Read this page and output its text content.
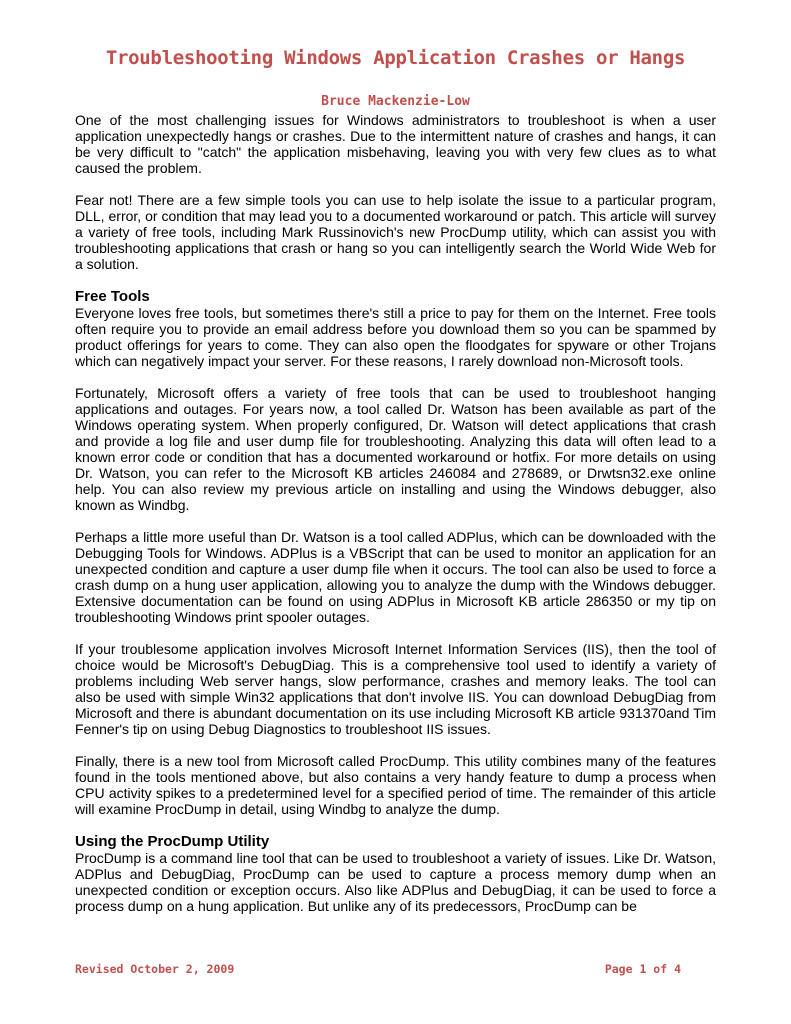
Troubleshooting Windows Application Crashes or Hangs
Bruce Mackenzie-Low

One of the most challenging issues for Windows administrators to troubleshoot is when a user application unexpectedly hangs or crashes. Due to the intermittent nature of crashes and hangs, it can be very difficult to "catch" the application misbehaving, leaving you with very few clues as to what caused the problem.

Fear not! There are a few simple tools you can use to help isolate the issue to a particular program, DLL, error, or condition that may lead you to a documented workaround or patch. This article will survey a variety of free tools, including Mark Russinovich's new ProcDump utility, which can assist you with troubleshooting applications that crash or hang so you can intelligently search the World Wide Web for a solution.

Free Tools

Everyone loves free tools, but sometimes there's still a price to pay for them on the Internet. Free tools often require you to provide an email address before you download them so you can be spammed by product offerings for years to come. They can also open the floodgates for spyware or other Trojans which can negatively impact your server. For these reasons, I rarely download non-Microsoft tools.

Fortunately, Microsoft offers a variety of free tools that can be used to troubleshoot hanging applications and outages. For years now, a tool called Dr. Watson has been available as part of the Windows operating system. When properly configured, Dr. Watson will detect applications that crash and provide a log file and user dump file for troubleshooting. Analyzing this data will often lead to a known error code or condition that has a documented workaround or hotfix. For more details on using Dr. Watson, you can refer to the Microsoft KB articles 246084 and 278689, or Drwtsn32.exe online help. You can also review my previous article on installing and using the Windows debugger, also known as Windbg.

Perhaps a little more useful than Dr. Watson is a tool called ADPlus, which can be downloaded with the Debugging Tools for Windows. ADPlus is a VBScript that can be used to monitor an application for an unexpected condition and capture a user dump file when it occurs. The tool can also be used to force a crash dump on a hung user application, allowing you to analyze the dump with the Windows debugger. Extensive documentation can be found on using ADPlus in Microsoft KB article 286350 or my tip on troubleshooting Windows print spooler outages.

If your troublesome application involves Microsoft Internet Information Services (IIS), then the tool of choice would be Microsoft's DebugDiag. This is a comprehensive tool used to identify a variety of problems including Web server hangs, slow performance, crashes and memory leaks. The tool can also be used with simple Win32 applications that don't involve IIS. You can download DebugDiag from Microsoft and there is abundant documentation on its use including Microsoft KB article 931370and Tim Fenner's tip on using Debug Diagnostics to troubleshoot IIS issues.

Finally, there is a new tool from Microsoft called ProcDump. This utility combines many of the features found in the tools mentioned above, but also contains a very handy feature to dump a process when CPU activity spikes to a predetermined level for a specified period of time. The remainder of this article will examine ProcDump in detail, using Windbg to analyze the dump.

Using the ProcDump Utility

ProcDump is a command line tool that can be used to troubleshoot a variety of issues. Like Dr. Watson, ADPlus and DebugDiag, ProcDump can be used to capture a process memory dump when an unexpected condition or exception occurs. Also like ADPlus and DebugDiag, it can be used to force a process dump on a hung application. But unlike any of its predecessors, ProcDump can be

Revised October 2, 2009	Page 1 of 4
